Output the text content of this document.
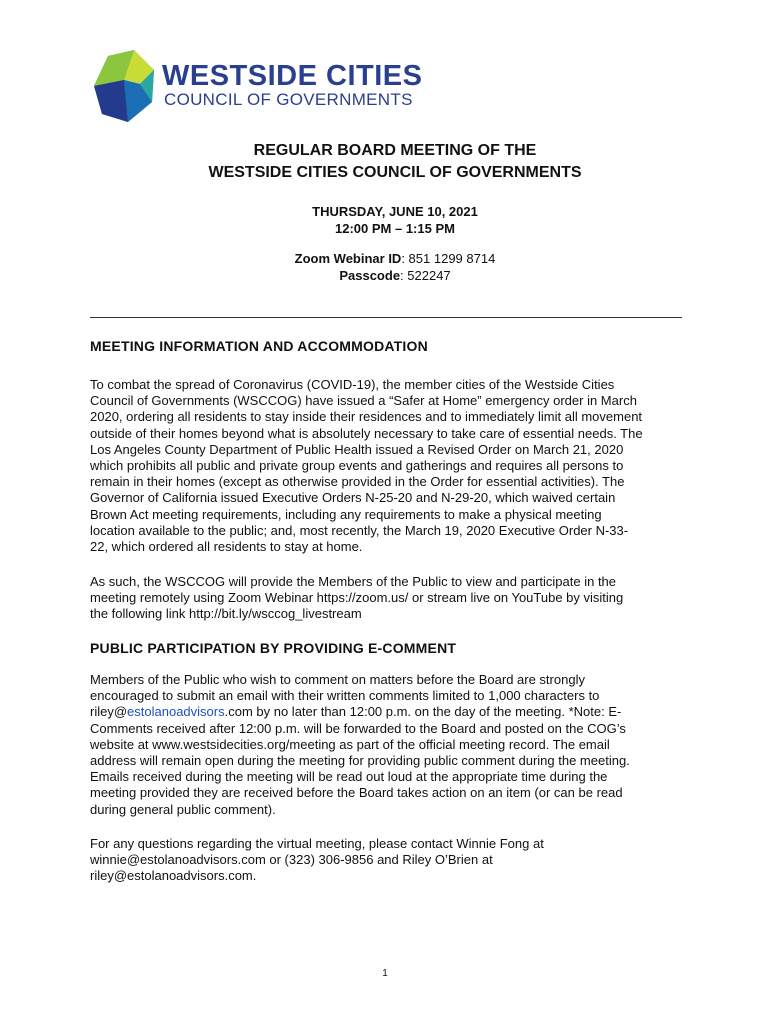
WESTSIDE CITIES
COUNCIL OF GOVERNMENTS
REGULAR BOARD MEETING OF THE
WESTSIDE CITIES COUNCIL OF GOVERNMENTS
THURSDAY, JUNE 10, 2021
12:00 PM – 1:15 PM
Zoom Webinar ID: 851 1299 8714
Passcode: 522247
MEETING INFORMATION AND ACCOMMODATION

To combat the spread of Coronavirus (COVID-19), the member cities of the Westside Cities
Council of Governments (WSCCOG) have issued a “Safer at Home” emergency order in March
2020, ordering all residents to stay inside their residences and to immediately limit all movement
outside of their homes beyond what is absolutely necessary to take care of essential needs. The
Los Angeles County Department of Public Health issued a Revised Order on March 21, 2020
which prohibits all public and private group events and gatherings and requires all persons to
remain in their homes (except as otherwise provided in the Order for essential activities). The
Governor of California issued Executive Orders N-25-20 and N-29-20, which waived certain
Brown Act meeting requirements, including any requirements to make a physical meeting
location available to the public; and, most recently, the March 19, 2020 Executive Order N-33-
22, which ordered all residents to stay at home.

As such, the WSCCOG will provide the Members of the Public to view and participate in the
meeting remotely using Zoom Webinar https://zoom.us/ or stream live on YouTube by visiting
the following link http://bit.ly/wsccog_livestream

PUBLIC PARTICIPATION BY PROVIDING E-COMMENT

Members of the Public who wish to comment on matters before the Board are strongly
encouraged to submit an email with their written comments limited to 1,000 characters to
riley@estolanoadvisors.com by no later than 12:00 p.m. on the day of the meeting. *Note: E-
Comments received after 12:00 p.m. will be forwarded to the Board and posted on the COG’s
website at www.westsidecities.org/meeting as part of the official meeting record. The email
address will remain open during the meeting for providing public comment during the meeting.
Emails received during the meeting will be read out loud at the appropriate time during the
meeting provided they are received before the Board takes action on an item (or can be read
during general public comment).

For any questions regarding the virtual meeting, please contact Winnie Fong at
winnie@estolanoadvisors.com or (323) 306-9856 and Riley O’Brien at
riley@estolanoadvisors.com.

1
